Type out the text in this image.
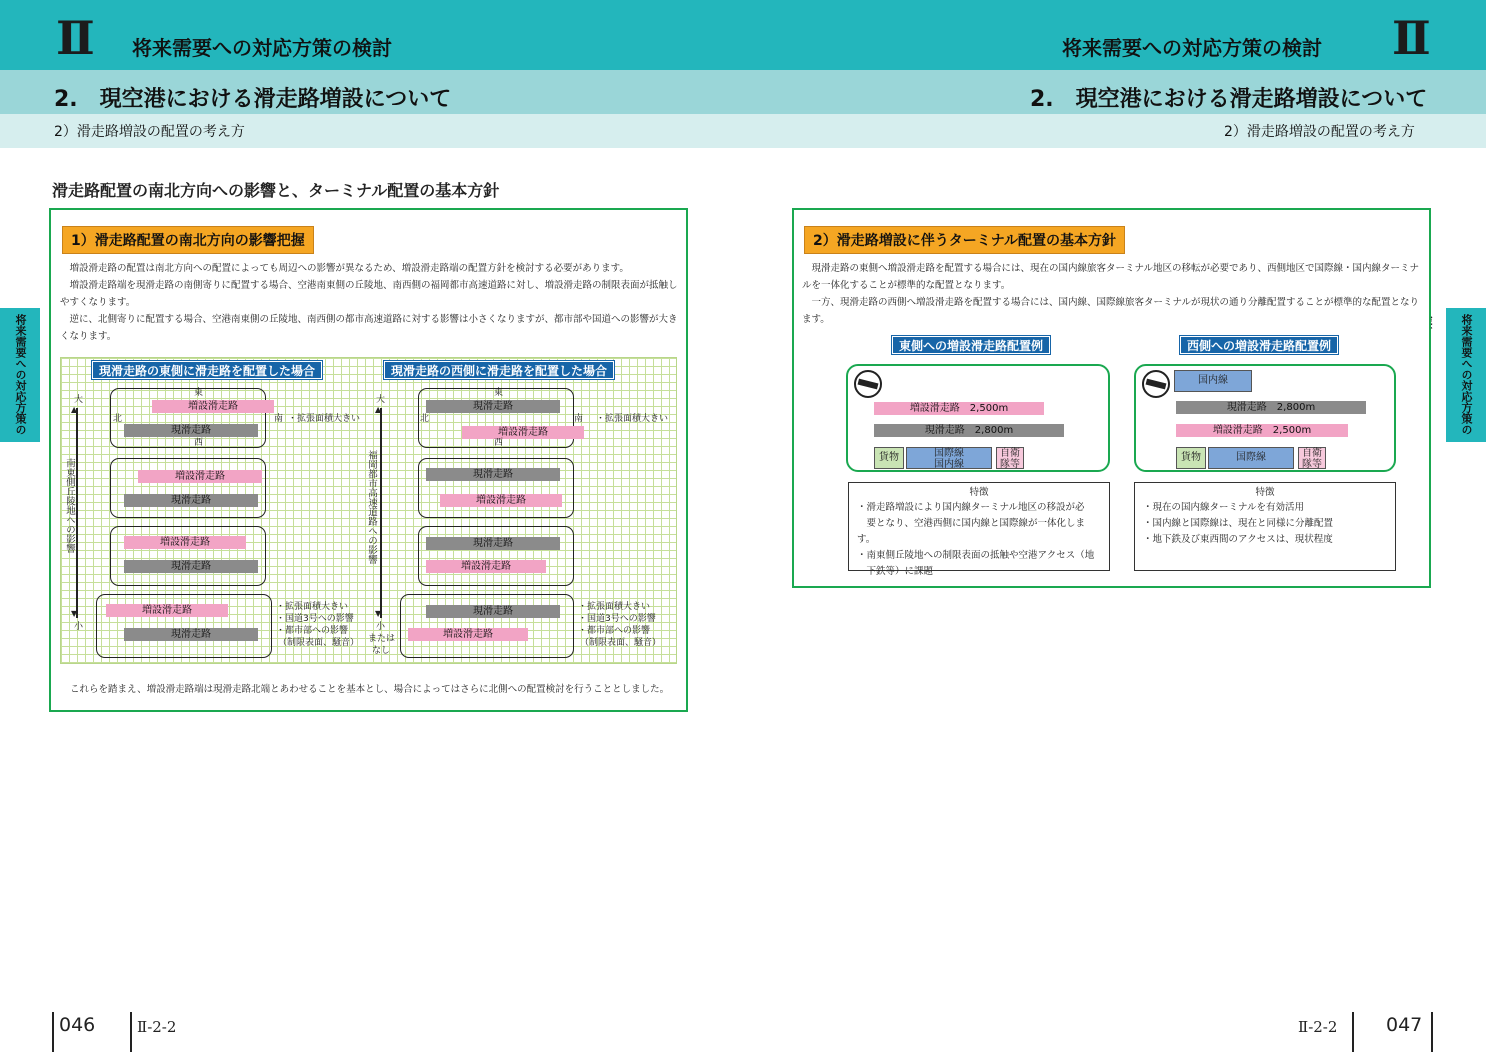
Ⅱ 将来需要への対応方策の検討	将来需要への対応方策の検討 Ⅱ
2.　現空港における滑走路増設について	2.　現空港における滑走路増設について
2）滑走路増設の配置の考え方	2）滑走路増設の配置の考え方
将来需要への対応方策の
将来需要への対応方策の
滑走路配置の南北方向への影響と、ターミナル配置の基本方針
1）滑走路配置の南北方向の影響把握
増設滑走路の配置は南北方向への配置によっても周辺への影響が異なるため、増設滑走路端の配置方針を検討する必要があります。
増設滑走路端を現滑走路の南側寄りに配置する場合、空港南東側の丘陵地、南西側の福岡都市高速道路に対し、増設滑走路の制限表面が抵触しやすくなります。
逆に、北側寄りに配置する場合、空港南東側の丘陵地、南西側の都市高速道路に対する影響は小さくなりますが、都市部や国道への影響が大きくなります。
現滑走路の東側に滑走路を配置した場合
大
▲
▼
南東側丘陵地への影響
小
東
増設滑走路
北	南 ・拡張面積大きい
現滑走路
西
増設滑走路
現滑走路
増設滑走路
現滑走路
増設滑走路
現滑走路
・拡張面積大きい
・国道3号への影響
・都市部への影響
（制限表面、騒音）
現滑走路の西側に滑走路を配置した場合
大
▲
▼
福岡都市高速道路への影響
小
または
なし
東
現滑走路
北	南 ・拡張面積大きい
増設滑走路
西
現滑走路
増設滑走路
現滑走路
増設滑走路
現滑走路
増設滑走路
・拡張面積大きい
・国道3号への影響
・都市部への影響
（制限表面、騒音）
これらを踏まえ、増設滑走路端は現滑走路北端とあわせることを基本とし、場合によってはさらに北側への配置検討を行うこととしました。
2）滑走路増設に伴うターミナル配置の基本方針
現滑走路の東側へ増設滑走路を配置する場合には、現在の国内線旅客ターミナル地区の移転が必要であり、西側地区で国際線・国内線ターミナルを一体化することが標準的な配置となります。
一方、現滑走路の西側へ増設滑走路を配置する場合には、国内線、国際線旅客ターミナルが現状の通り分離配置することが標準的な配置となります。
東側への増設滑走路配置例
増設滑走路　2,500m
現滑走路　2,800m
貨物	国際線
国内線
自衛
隊等
特徴
・滑走路増設により国内線ターミナル地区の移設が必
　要となり、空港西側に国内線と国際線が一体化します。
・南東側丘陵地への制限表面の抵触や空港アクセス（地
　下鉄等）に課題
西側への増設滑走路配置例
国内線
現滑走路　2,800m
増設滑走路　2,500m
貨物	国際線	自衛
隊等
特徴
・現在の国内線ターミナルを有効活用
・国内線と国際線は、現在と同様に分離配置
・地下鉄及び東西間のアクセスは、現状程度
046	Ⅱ-2-2	Ⅱ-2-2	047
